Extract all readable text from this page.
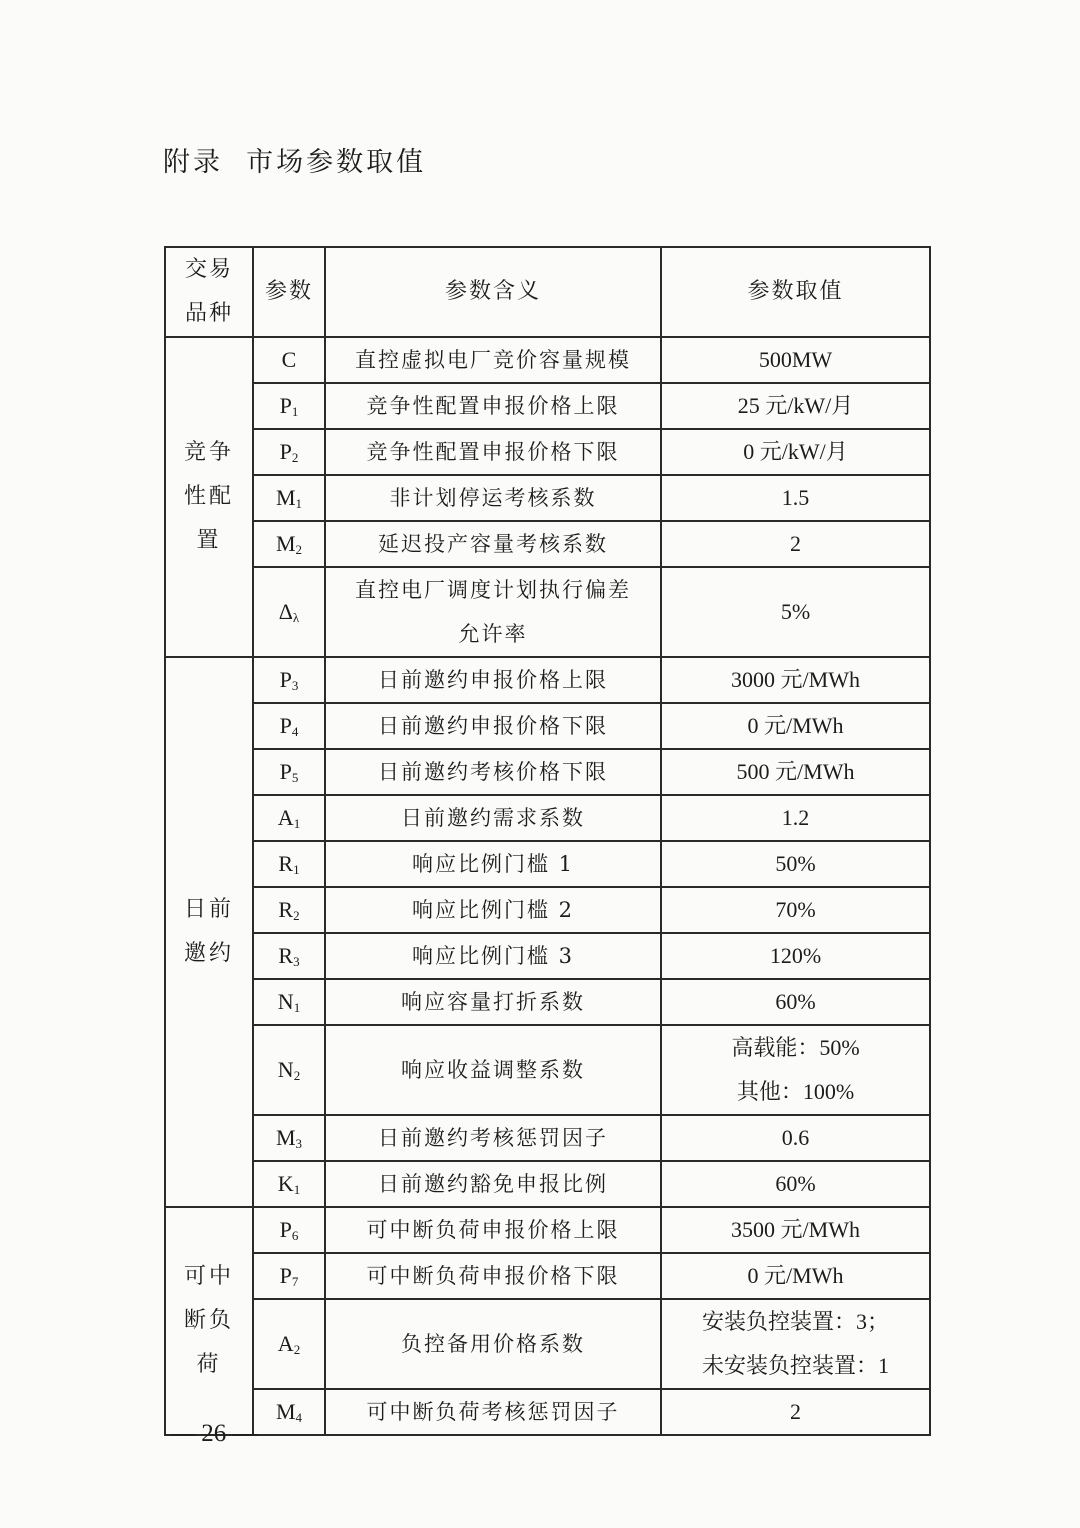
附录  市场参数取值
交易
品种	参数	参数含义	参数取值

竞争
性配
置	C	直控虚拟电厂竞价容量规模	500MW

	$P_1$	竞争性配置申报价格上限	25 元/kW/月

	$P_2$	竞争性配置申报价格下限	0 元/kW/月

	$M_1$	非计划停运考核系数	1.5

	$M_2$	延迟投产容量考核系数	2

	$\Delta_\lambda$	直控电厂调度计划执行偏差
允许率	5%

日前
邀约	$P_3$	日前邀约申报价格上限	3000 元/MWh

	$P_4$	日前邀约申报价格下限	0 元/MWh

	$P_5$	日前邀约考核价格下限	500 元/MWh

	$A_1$	日前邀约需求系数	1.2

	$R_1$	响应比例门槛 1	50%

	$R_2$	响应比例门槛 2	70%

	$R_3$	响应比例门槛 3	120%

	$N_1$	响应容量打折系数	60%

	$N_2$	响应收益调整系数	高载能：50%
其他：100%

	$M_3$	日前邀约考核惩罚因子	0.6

	$K_1$	日前邀约豁免申报比例	60%

可中
断负
荷	$P_6$	可中断负荷申报价格上限	3500 元/MWh

	$P_7$	可中断负荷申报价格下限	0 元/MWh

	$A_2$	负控备用价格系数	安装负控装置：3；
未安装负控装置：1

	$M_4$	可中断负荷考核惩罚因子	2
— 26 —
